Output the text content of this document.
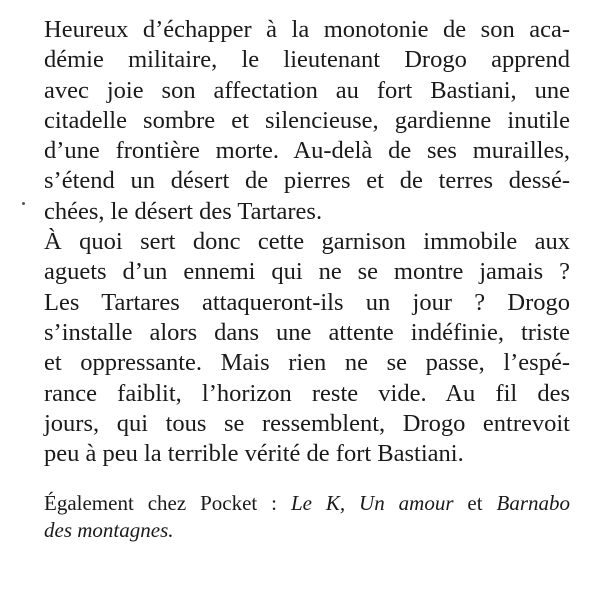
Heureux d’échapper à la monotonie de son aca-
démie militaire, le lieutenant Drogo apprend
avec joie son affectation au fort Bastiani, une
citadelle sombre et silencieuse, gardienne inutile
d’une frontière morte. Au-delà de ses murailles,
s’étend un désert de pierres et de terres dessé-
chées, le désert des Tartares.
À quoi sert donc cette garnison immobile aux
aguets d’un ennemi qui ne se montre jamais ?
Les Tartares attaqueront-ils un jour ? Drogo
s’installe alors dans une attente indéfinie, triste
et oppressante. Mais rien ne se passe, l’espé-
rance faiblit, l’horizon reste vide. Au fil des
jours, qui tous se ressemblent, Drogo entrevoit
peu à peu la terrible vérité de fort Bastiani.
Également chez Pocket : Le K, Un amour et Barnabo
des montagnes.
